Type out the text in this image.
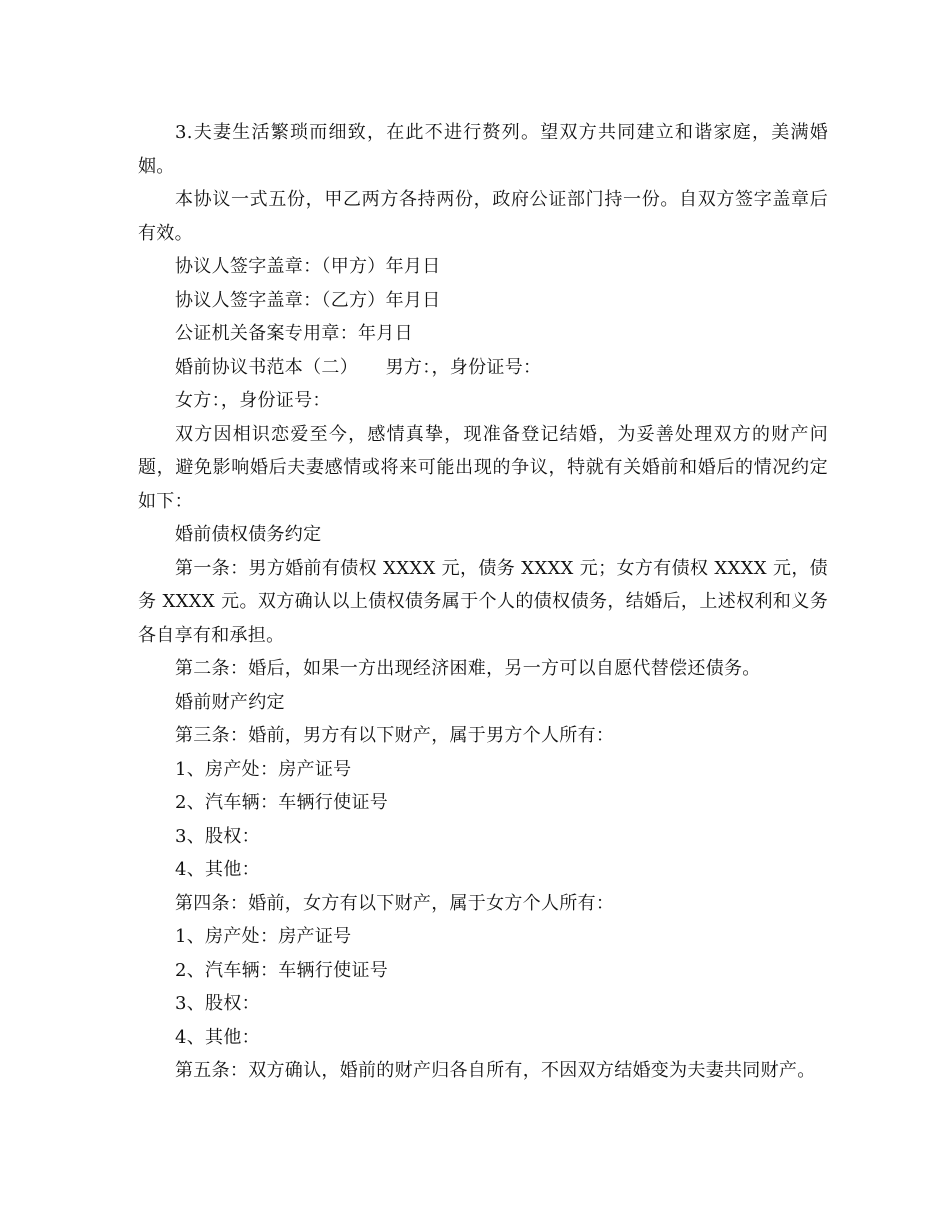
3.夫妻生活繁琐而细致，在此不进行赘列。望双方共同建立和谐家庭，美满婚姻。

本协议一式五份，甲乙两方各持两份，政府公证部门持一份。自双方签字盖章后有效。

协议人签字盖章：（甲方）年月日

协议人签字盖章：（乙方）年月日

公证机关备案专用章：年月日

婚前协议书范本（二）　　男方：，身份证号：

女方：，身份证号：

双方因相识恋爱至今，感情真挚，现准备登记结婚，为妥善处理双方的财产问题，避免影响婚后夫妻感情或将来可能出现的争议，特就有关婚前和婚后的情况约定如下：

婚前债权债务约定

第一条：男方婚前有债权 XXXX 元，债务 XXXX 元；女方有债权 XXXX 元，债务 XXXX 元。双方确认以上债权债务属于个人的债权债务，结婚后，上述权利和义务各自享有和承担。

第二条：婚后，如果一方出现经济困难，另一方可以自愿代替偿还债务。

婚前财产约定

第三条：婚前，男方有以下财产，属于男方个人所有：

1、房产处：房产证号

2、汽车辆：车辆行使证号

3、股权：

4、其他：

第四条：婚前，女方有以下财产，属于女方个人所有：

1、房产处：房产证号

2、汽车辆：车辆行使证号

3、股权：

4、其他：

第五条：双方确认，婚前的财产归各自所有，不因双方结婚变为夫妻共同财产。
